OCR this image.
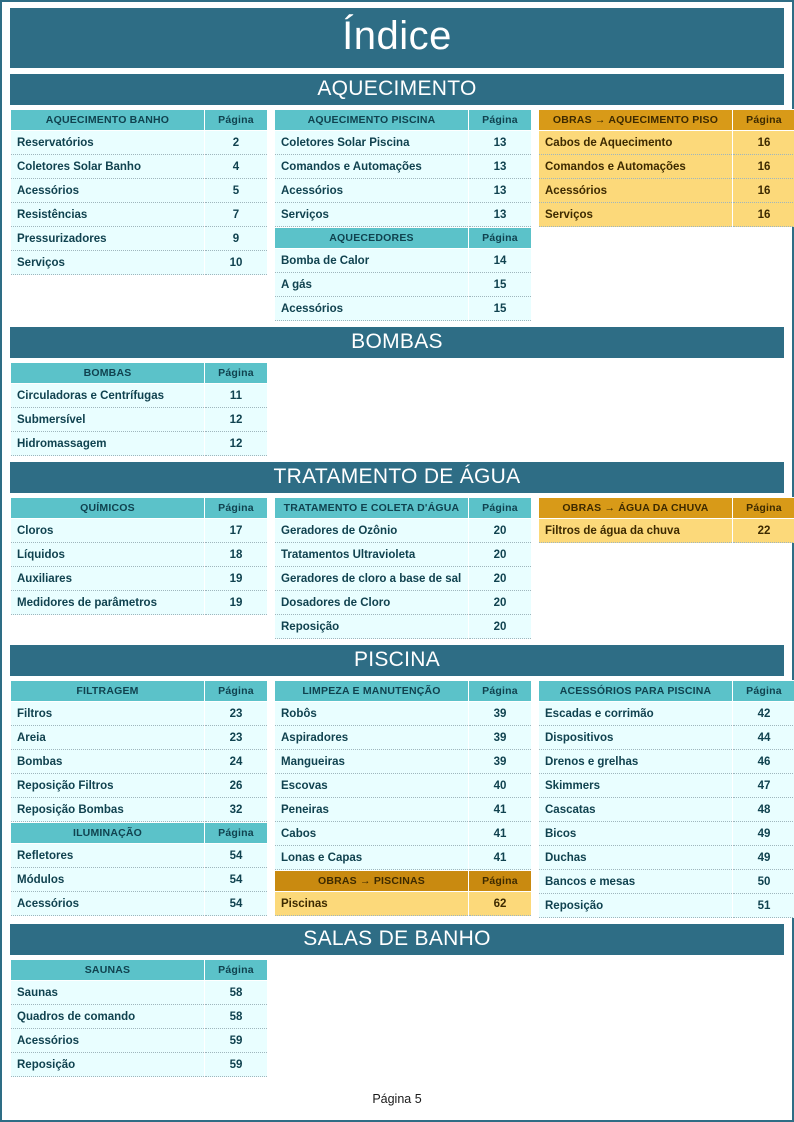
Índice
AQUECIMENTO
AQUECIMENTO BANHO	Página
Reservatórios	2
Coletores Solar Banho	4
Acessórios	5
Resistências	7
Pressurizadores	9
Serviços	10
AQUECIMENTO PISCINA	Página
Coletores Solar Piscina	13
Comandos e Automações	13
Acessórios	13
Serviços	13
AQUECEDORES	Página
Bomba de Calor	14
A gás	15
Acessórios	15
OBRAS → AQUECIMENTO PISO	Página
Cabos de Aquecimento	16
Comandos e Automações	16
Acessórios	16
Serviços	16
BOMBAS
BOMBAS	Página
Circuladoras e Centrífugas	11
Submersível	12
Hidromassagem	12
TRATAMENTO DE ÁGUA
QUÍMICOS	Página
Cloros	17
Líquidos	18
Auxiliares	19
Medidores de parâmetros	19
TRATAMENTO E COLETA D'ÁGUA	Página
Geradores de Ozônio	20
Tratamentos Ultravioleta	20
Geradores de cloro a base de sal	20
Dosadores de Cloro	20
Reposição	20
OBRAS → ÁGUA DA CHUVA	Página
Filtros de água da chuva	22
PISCINA
FILTRAGEM	Página
Filtros	23
Areia	23
Bombas	24
Reposição Filtros	26
Reposição Bombas	32
ILUMINAÇÃO	Página
Refletores	54
Módulos	54
Acessórios	54
LIMPEZA E MANUTENÇÃO	Página
Robôs	39
Aspiradores	39
Mangueiras	39
Escovas	40
Peneiras	41
Cabos	41
Lonas e Capas	41
OBRAS → PISCINAS	Página
Piscinas	62
ACESSÓRIOS PARA PISCINA	Página
Escadas e corrimão	42
Dispositivos	44
Drenos e grelhas	46
Skimmers	47
Cascatas	48
Bicos	49
Duchas	49
Bancos e mesas	50
Reposição	51
SALAS DE BANHO
SAUNAS	Página
Saunas	58
Quadros de comando	58
Acessórios	59
Reposição	59
Página 5
